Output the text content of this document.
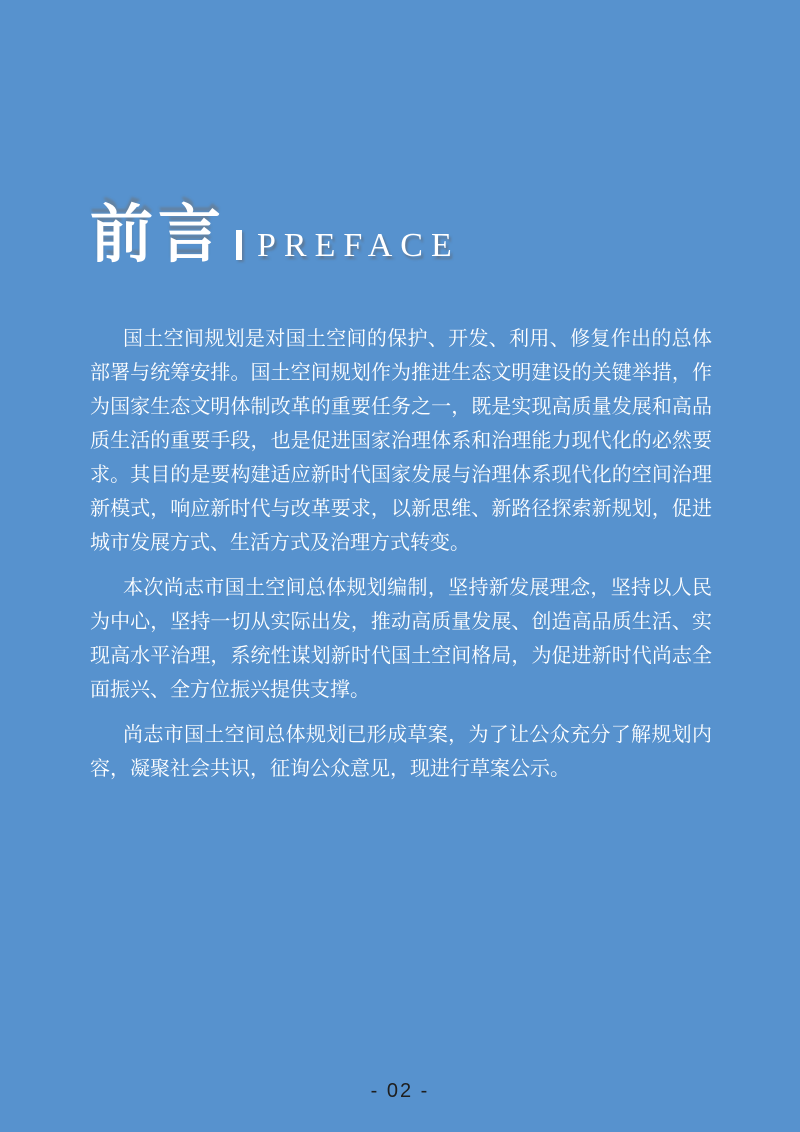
前言 PREFACE

国土空间规划是对国土空间的保护、开发、利用、修复作出的总体部署与统筹安排。国土空间规划作为推进生态文明建设的关键举措，作为国家生态文明体制改革的重要任务之一，既是实现高质量发展和高品质生活的重要手段，也是促进国家治理体系和治理能力现代化的必然要求。其目的是要构建适应新时代国家发展与治理体系现代化的空间治理新模式，响应新时代与改革要求，以新思维、新路径探索新规划，促进城市发展方式、生活方式及治理方式转变。

本次尚志市国土空间总体规划编制，坚持新发展理念，坚持以人民为中心，坚持一切从实际出发，推动高质量发展、创造高品质生活、实现高水平治理，系统性谋划新时代国土空间格局，为促进新时代尚志全面振兴、全方位振兴提供支撑。

尚志市国土空间总体规划已形成草案，为了让公众充分了解规划内容，凝聚社会共识，征询公众意见，现进行草案公示。

- 02 -
